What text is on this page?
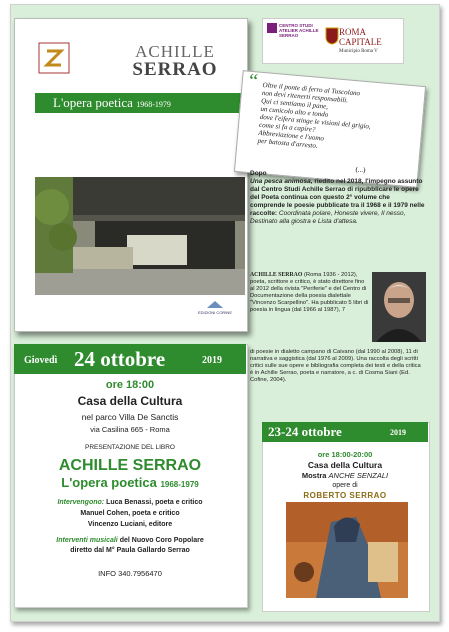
ACHILLE
SERRAO
L'opera poetica 1968-1979
EDIZIONI CORINE
CENTRO STUDI ATELIER ACHILLE SERRAO	ROMA
CAPITALE
Municipio Roma V
“ Oltre il ponte di ferro al Tuscolano
non devi ritenerti responsabili.
Qui ci sentiamo il pane,
un cunicolo alto e tondo
dove l'eifera stinge le visioni del grigio,
come si fa a capire?
Abbreviazione e l'uomo
per batosta d'arresto.
(...)
Dopo
Una pesca animosa, riedito nel 2018, l'impegno assunto dal Centro Studi Achille Serrao di ripubblicare le opere del Poeta continua con questo 2° volume che comprende le poesie pubblicate tra il 1968 e il 1979 nelle raccolte: Coordinata polare, Honeste vivere, Il nesso, Destinato alla giostra e Lista d'attesa.
ACHILLE SERRAO (Roma 1936 - 2012), poeta, scrittore e critico, è stato direttore fino al 2012 della rivista "Periferie" e del Centro di Documentazione della poesia dialettale "Vincenzo Scarpellino". Ha pubblicato 5 libri di poesia in lingua (dal 1966 al 1987), 7
di poesie in dialetto campano di Caivano (dal 1990 al 2008), 11 di narrativa e saggistica (dal 1976 al 2009). Una raccolta degli scritti critici sulle sue opere e bibliografia completa dei testi e della critica è in Achille Serrao, poeta e narratore, a c. di Cosma Siani (Ed. Cofine, 2004).
Giovedì 24 ottobre	2019
ore 18:00
Casa della Cultura
nel parco Villa De Sanctis
via Casilina 665 - Roma
PRESENTAZIONE DEL LIBRO
ACHILLE SERRAO
L'opera poetica 1968-1979
Intervengono: Luca Benassi, poeta e critico
Manuel Cohen, poeta e critico
Vincenzo Luciani, editore
Interventi musicali del Nuovo Coro Popolare
diretto dal M° Paula Gallardo Serrao
INFO 340.7956470
23-24 ottobre	2019
ore 18:00-20:00
Casa della Cultura
Mostra ANCHE SENZALI
opere di
ROBERTO SERRAO
